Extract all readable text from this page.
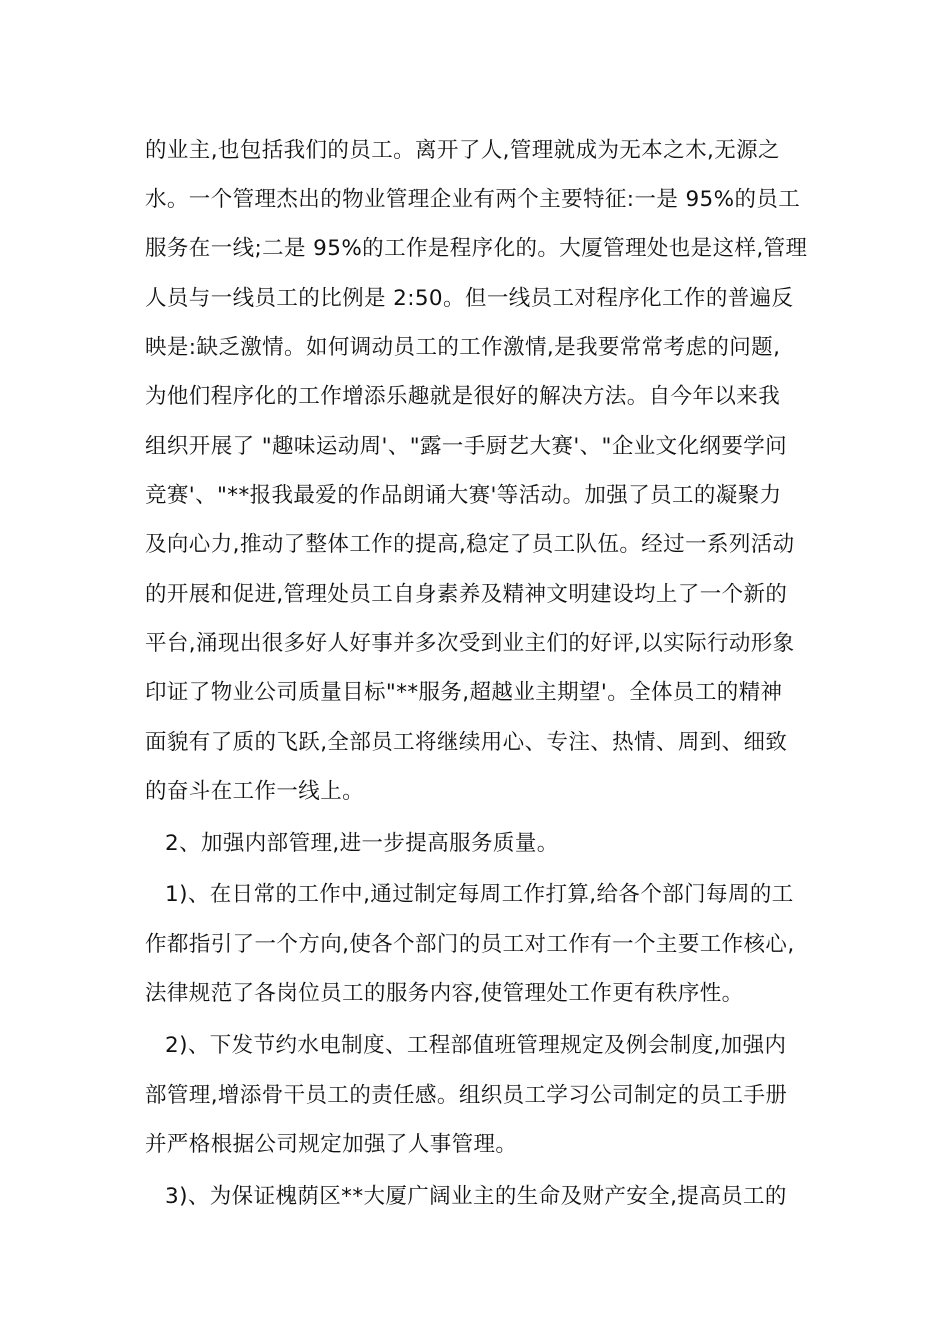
的业主,也包括我们的员工。离开了人,管理就成为无本之木,无源之
水。一个管理杰出的物业管理企业有两个主要特征:一是 95%的员工
服务在一线;二是 95%的工作是程序化的。大厦管理处也是这样,管理
人员与一线员工的比例是 2:50。但一线员工对程序化工作的普遍反
映是:缺乏激情。如何调动员工的工作激情,是我要常常考虑的问题,
为他们程序化的工作增添乐趣就是很好的解决方法。自今年以来我
组织开展了 "趣味运动周'、"露一手厨艺大赛'、"企业文化纲要学问
竞赛'、"**报我最爱的作品朗诵大赛'等活动。加强了员工的凝聚力
及向心力,推动了整体工作的提高,稳定了员工队伍。经过一系列活动
的开展和促进,管理处员工自身素养及精神文明建设均上了一个新的
平台,涌现出很多好人好事并多次受到业主们的好评,以实际行动形象
印证了物业公司质量目标"**服务,超越业主期望'。全体员工的精神
面貌有了质的飞跃,全部员工将继续用心、专注、热情、周到、细致
的奋斗在工作一线上。
2、加强内部管理,进一步提高服务质量。
1)、在日常的工作中,通过制定每周工作打算,给各个部门每周的工
作都指引了一个方向,使各个部门的员工对工作有一个主要工作核心,
法律规范了各岗位员工的服务内容,使管理处工作更有秩序性。
2)、下发节约水电制度、工程部值班管理规定及例会制度,加强内
部管理,增添骨干员工的责任感。组织员工学习公司制定的员工手册
并严格根据公司规定加强了人事管理。
3)、为保证槐荫区**大厦广阔业主的生命及财产安全,提高员工的
